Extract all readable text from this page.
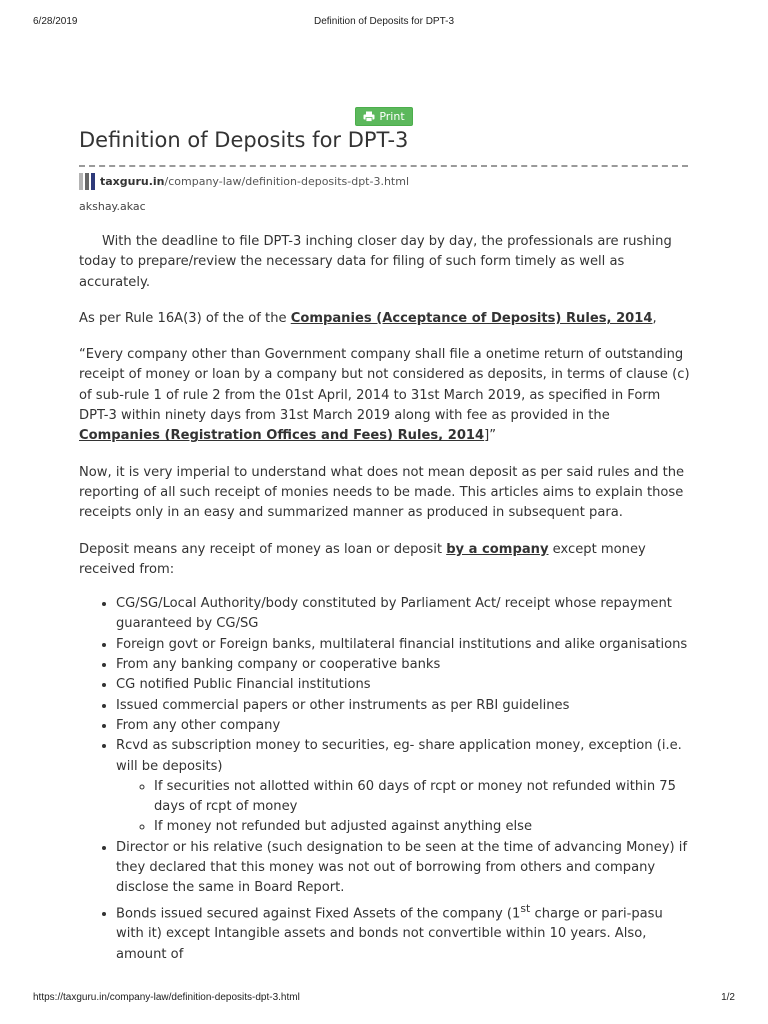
6/28/2019	Definition of Deposits for DPT-3
Print
Definition of Deposits for DPT-3
taxguru.in /company-law/definition-deposits-dpt-3.html
akshay.akac

With the deadline to file DPT-3 inching closer day by day, the professionals are rushing today to prepare/review the necessary data for filing of such form timely as well as accurately.

As per Rule 16A(3) of the of the Companies (Acceptance of Deposits) Rules, 2014,

“Every company other than Government company shall file a onetime return of outstanding receipt of money or loan by a company but not considered as deposits, in terms of clause (c) of sub-rule 1 of rule 2 from the 01st April, 2014 to 31st March 2019, as specified in Form DPT-3 within ninety days from 31st March 2019 along with fee as provided in the Companies (Registration Offices and Fees) Rules, 2014]”

Now, it is very imperial to understand what does not mean deposit as per said rules and the reporting of all such receipt of monies needs to be made. This articles aims to explain those receipts only in an easy and summarized manner as produced in subsequent para.

Deposit means any receipt of money as loan or deposit by a company except money received from:

• CG/SG/Local Authority/body constituted by Parliament Act/ receipt whose repayment guaranteed by CG/SG
• Foreign govt or Foreign banks, multilateral financial institutions and alike organisations
• From any banking company or cooperative banks
• CG notified Public Financial institutions
• Issued commercial papers or other instruments as per RBI guidelines
• From any other company
• Rcvd as subscription money to securities, eg- share application money, exception (i.e. will be deposits)
◦ If securities not allotted within 60 days of rcpt or money not refunded within 75 days of rcpt of money
◦ If money not refunded but adjusted against anything else
• Director or his relative (such designation to be seen at the time of advancing Money) if they declared that this money was not out of borrowing from others and company disclose the same in Board Report.
• Bonds issued secured against Fixed Assets of the company (1st charge or pari-pasu with it) except Intangible assets and bonds not convertible within 10 years. Also, amount of
https://taxguru.in/company-law/definition-deposits-dpt-3.html	1/2
